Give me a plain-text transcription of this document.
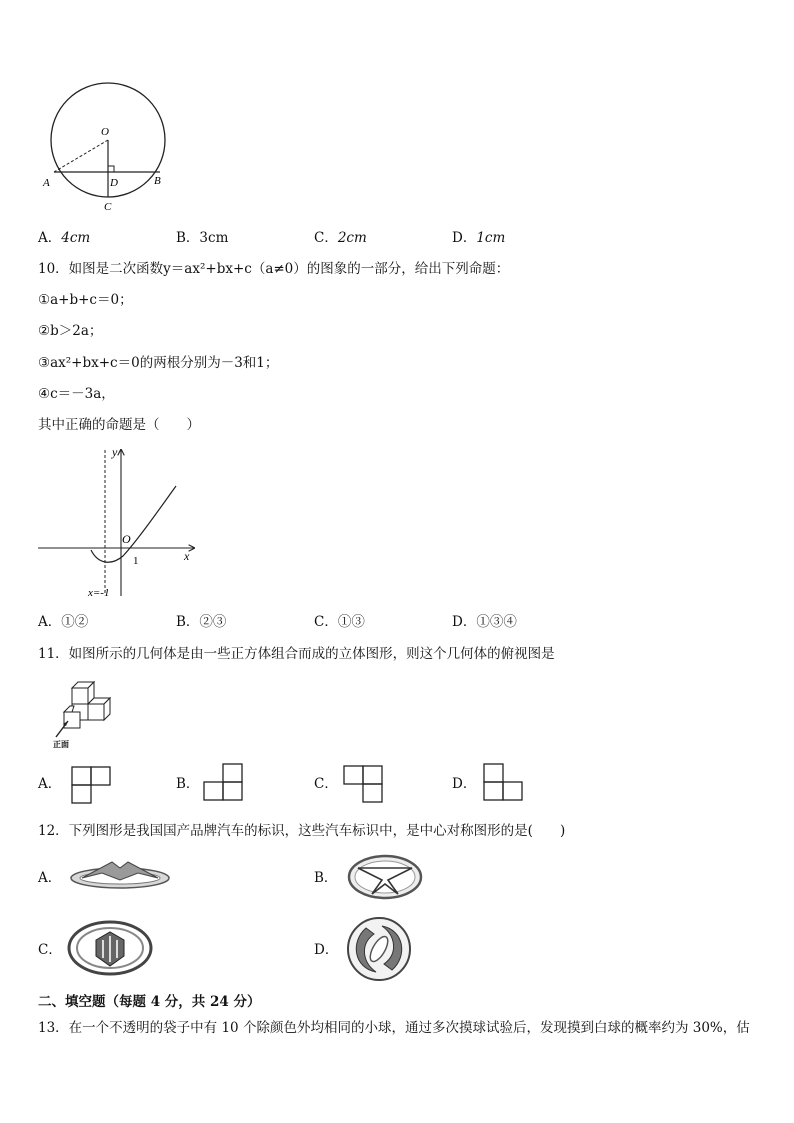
O
A	D	B
C
A．4cm	B．3cm	C．2cm	D．1cm
10．如图是二次函数y＝ax²+bx+c（a≠0）的图象的一部分，给出下列命题：
①a+b+c＝0；
②b＞2a；
③ax²+bx+c＝0的两根分别为－3和1；
④c＝－3a，
其中正确的命题是（　　）
y
x
O
1
x=-1
A．①②	B．②③	C．①③	D．①③④
11．如图所示的几何体是由一些正方体组合而成的立体图形，则这个几何体的俯视图是
正面
A．	B．	C．	D．
12．下列图形是我国国产品牌汽车的标识，这些汽车标识中，是中心对称图形的是(　　)
A．	B．
C．	D．
二、填空题（每题 4 分，共 24 分）
13．在一个不透明的袋子中有 10 个除颜色外均相同的小球，通过多次摸球试验后，发现摸到白球的概率约为 30%，估
